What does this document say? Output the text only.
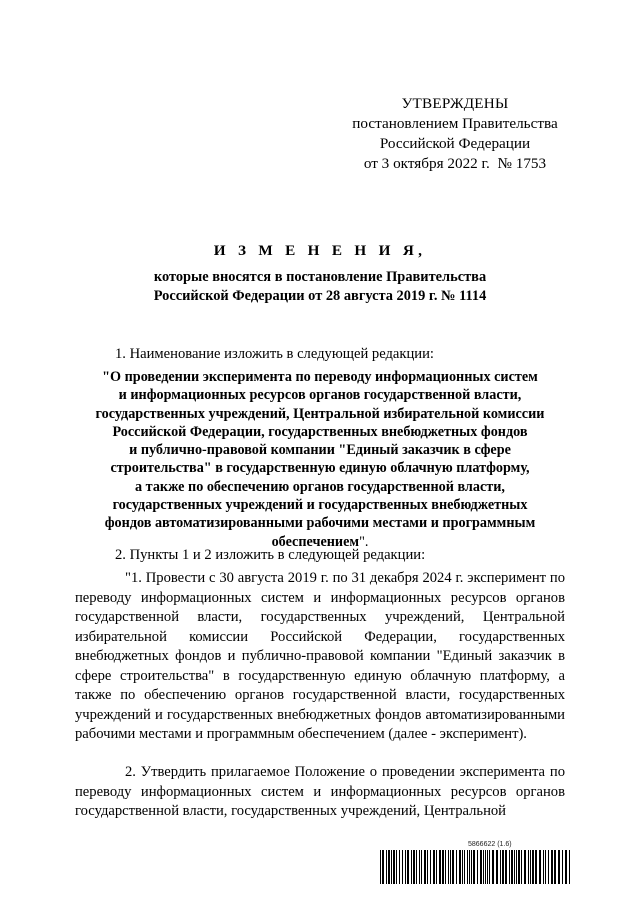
УТВЕРЖДЕНЫ
постановлением Правительства
Российской Федерации
от 3 октября 2022 г.  № 1753
И З М Е Н Е Н И Я,
которые вносятся в постановление Правительства
Российской Федерации от 28 августа 2019 г. № 1114
1. Наименование изложить в следующей редакции:
"О проведении эксперимента по переводу информационных систем
и информационных ресурсов органов государственной власти,
государственных учреждений, Центральной избирательной комиссии
Российской Федерации, государственных внебюджетных фондов
и публично-правовой компании "Единый заказчик в сфере
строительства" в государственную единую облачную платформу,
а также по обеспечению органов государственной власти,
государственных учреждений и государственных внебюджетных
фондов автоматизированными рабочими местами и программным
обеспечением".
2. Пункты 1 и 2 изложить в следующей редакции:
"1. Провести с 30 августа 2019 г. по 31 декабря 2024 г. эксперимент по переводу информационных систем и информационных ресурсов органов государственной власти, государственных учреждений, Центральной избирательной комиссии Российской Федерации, государственных внебюджетных фондов и публично-правовой компании "Единый заказчик в сфере строительства" в государственную единую облачную платформу, а также по обеспечению органов государственной власти, государственных учреждений и государственных внебюджетных фондов автоматизированными рабочими местами и программным обеспечением (далее - эксперимент).
2. Утвердить прилагаемое Положение о проведении эксперимента по переводу информационных систем и информационных ресурсов органов государственной власти, государственных учреждений, Центральной
5866622 (1.6)
